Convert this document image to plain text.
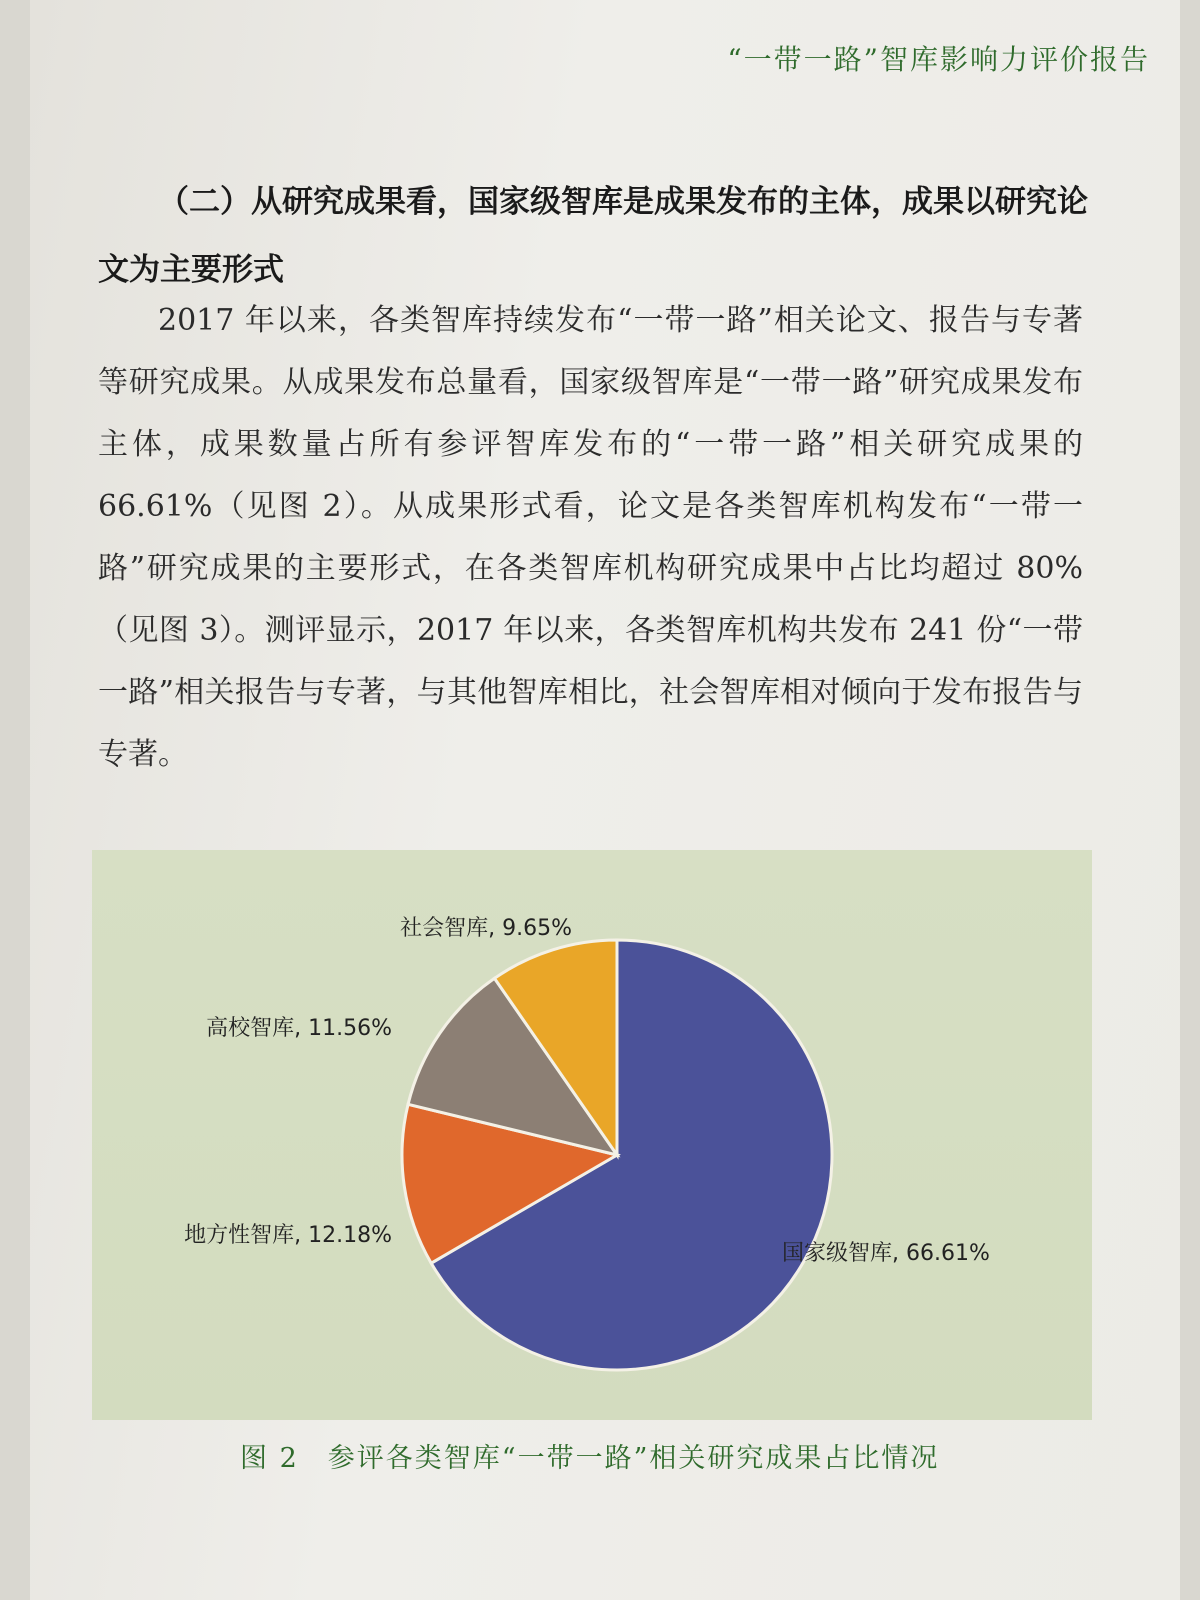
“一带一路”智库影响力评价报告
（二）从研究成果看，国家级智库是成果发布的主体，成果以研究论文为主要形式
2017 年以来，各类智库持续发布“一带一路”相关论文、报告与专著等研究成果。从成果发布总量看，国家级智库是“一带一路”研究成果发布主体，成果数量占所有参评智库发布的“一带一路”相关研究成果的 66.61%（见图 2）。从成果形式看，论文是各类智库机构发布“一带一路”研究成果的主要形式，在各类智库机构研究成果中占比均超过 80%（见图 3）。测评显示，2017 年以来，各类智库机构共发布 241 份“一带一路”相关报告与专著，与其他智库相比，社会智库相对倾向于发布报告与专著。
国家级智库, 66.61%
地方性智库, 12.18%
高校智库, 11.56%
社会智库, 9.65%
图 2　参评各类智库“一带一路”相关研究成果占比情况
